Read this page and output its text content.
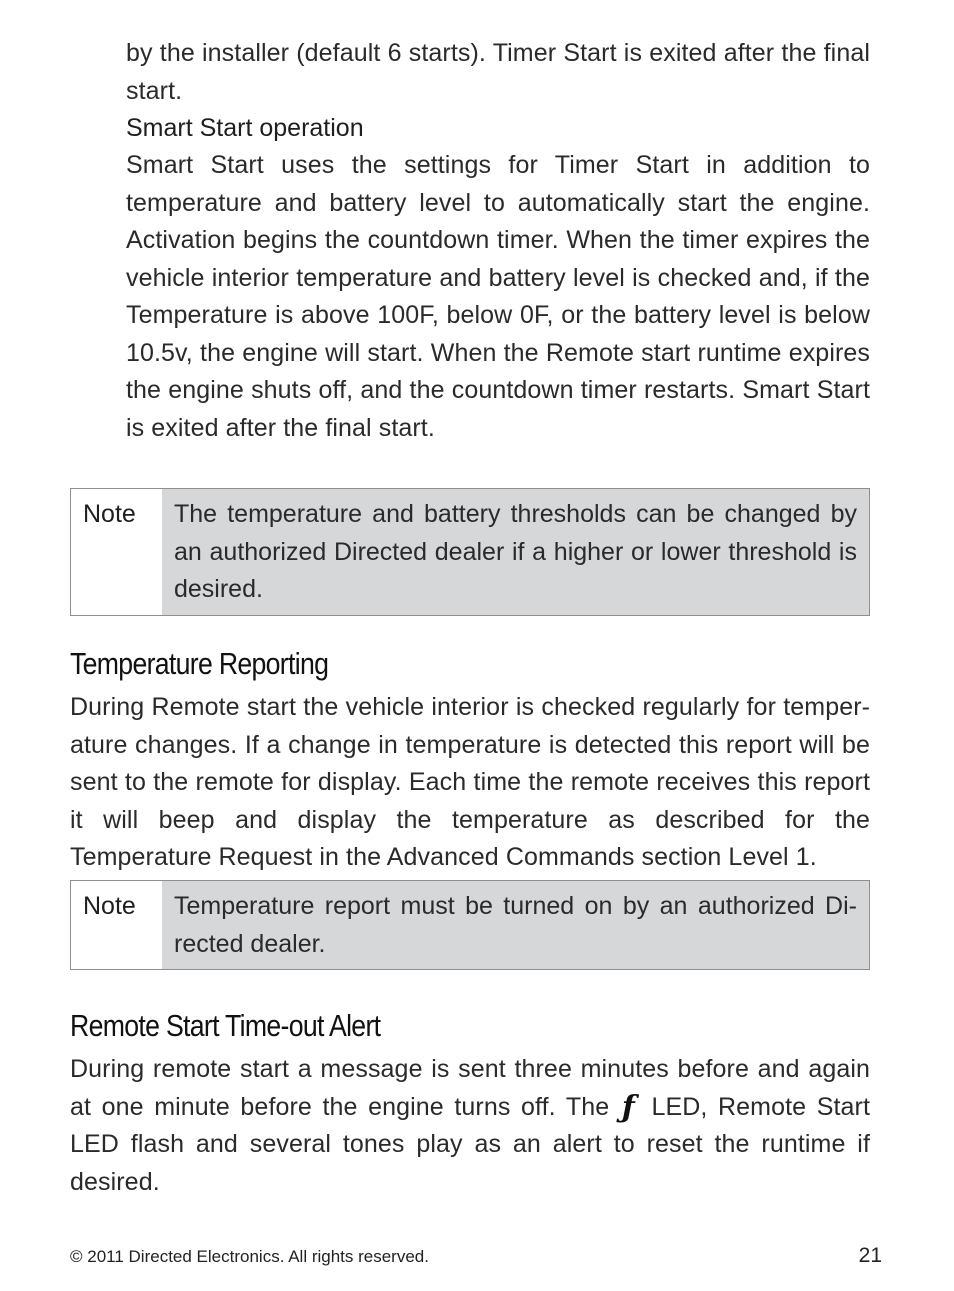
by the installer (default 6 starts). Timer Start is exited after the final start.

Smart Start operation

Smart Start uses the settings for Timer Start in addition to temperature and battery level to automatically start the engine. Activation begins the countdown timer. When the timer expires the vehicle interior temperature and battery level is checked and, if the Temperature is above 100F, below 0F, or the battery level is below 10.5v, the engine will start. When the Remote start runtime expires the engine shuts off, and the countdown timer restarts. Smart Start is exited after the final start.

Note	The temperature and battery thresholds can be changed by an authorized Directed dealer if a higher or lower threshold is desired.
Temperature Reporting

During Remote start the vehicle interior is checked regularly for temperature changes. If a change in temperature is detected this report will be sent to the remote for display. Each time the remote receives this report it will beep and display the temperature as described for the Temperature Request in the Advanced Commands section Level 1.

Note	Temperature report must be turned on by an authorized Directed dealer.
Remote Start Time-out Alert

During remote start a message is sent three minutes before and again at one minute before the engine turns off. The ƒ LED, Remote Start LED flash and several tones play as an alert to reset the runtime if desired.

© 2011 Directed Electronics. All rights reserved.	21
